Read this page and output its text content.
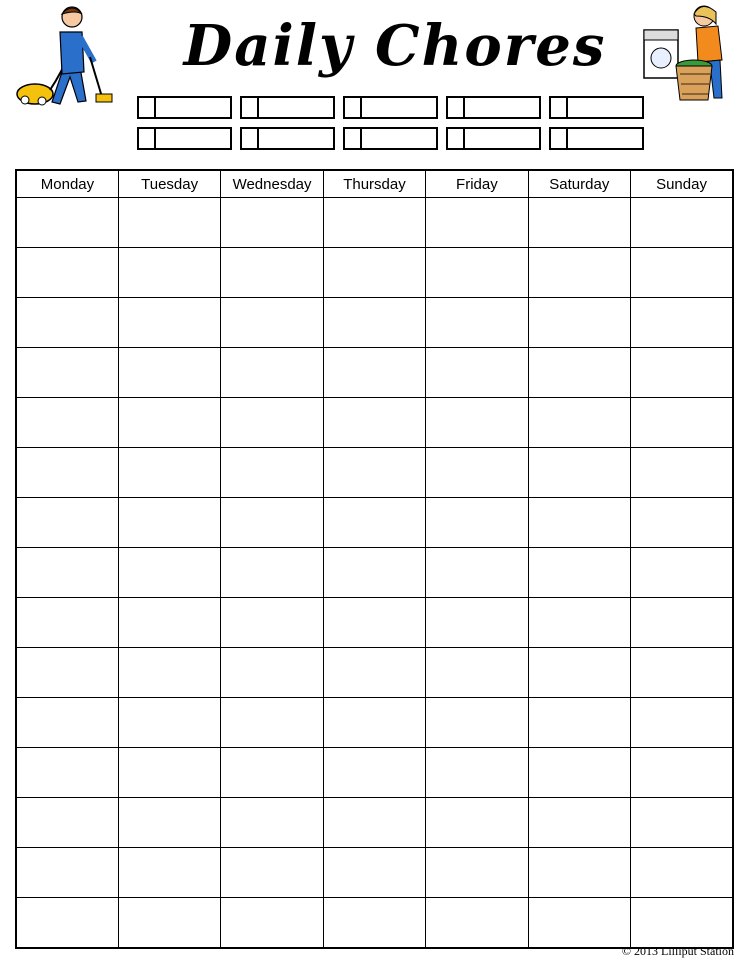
Daily Chores
Monday	Tuesday	Wednesday	Thursday	Friday	Saturday	Sunday

© 2013 Lilliput Station
